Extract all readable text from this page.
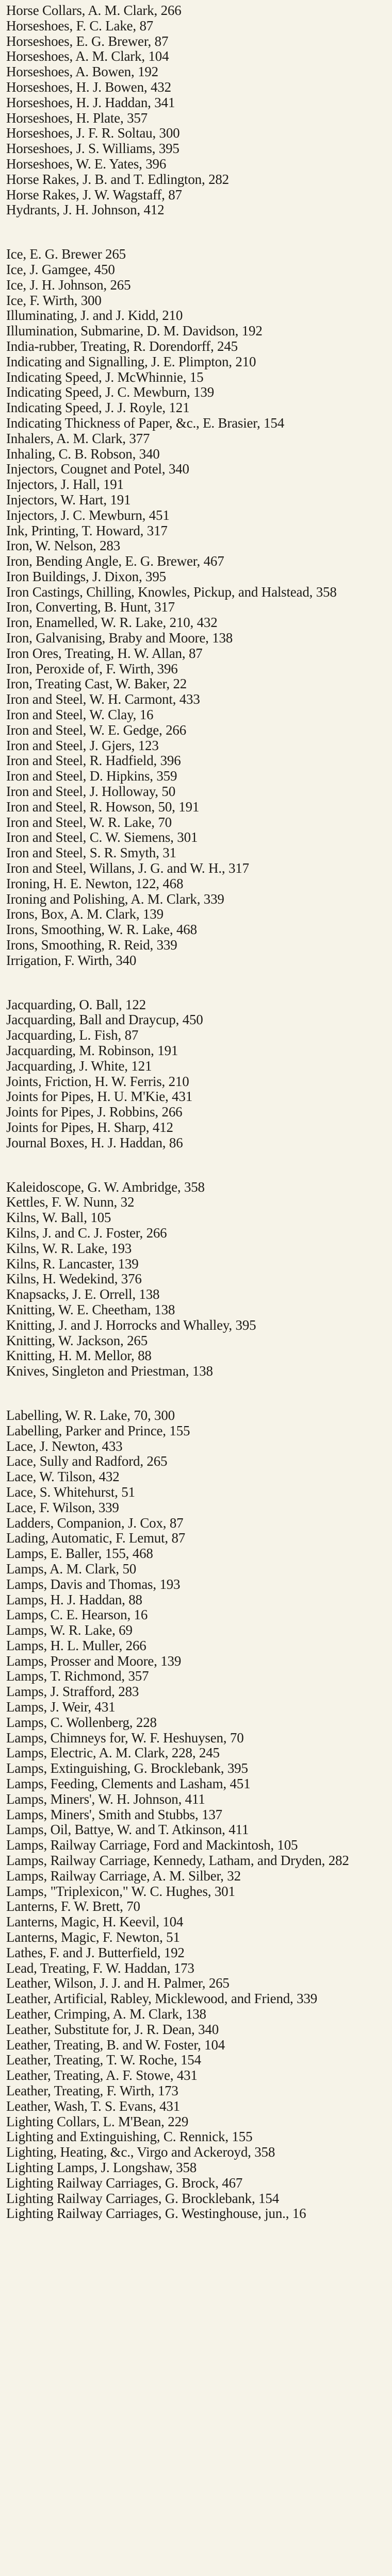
Horse Collars, A. M. Clark, 266
Horseshoes, F. C. Lake, 87
Horseshoes, E. G. Brewer, 87
Horseshoes, A. M. Clark, 104
Horseshoes, A. Bowen, 192
Horseshoes, H. J. Bowen, 432
Horseshoes, H. J. Haddan, 341
Horseshoes, H. Plate, 357
Horseshoes, J. F. R. Soltau, 300
Horseshoes, J. S. Williams, 395
Horseshoes, W. E. Yates, 396
Horse Rakes, J. B. and T. Edlington, 282
Horse Rakes, J. W. Wagstaff, 87
Hydrants, J. H. Johnson, 412
Ice, E. G. Brewer 265
Ice, J. Gamgee, 450
Ice, J. H. Johnson, 265
Ice, F. Wirth, 300
Illuminating, J. and J. Kidd, 210
Illumination, Submarine, D. M. Davidson, 192
India-rubber, Treating, R. Dorendorff, 245
Indicating and Signalling, J. E. Plimpton, 210
Indicating Speed, J. McWhinnie, 15
Indicating Speed, J. C. Mewburn, 139
Indicating Speed, J. J. Royle, 121
Indicating Thickness of Paper, &c., E. Brasier, 154
Inhalers, A. M. Clark, 377
Inhaling, C. B. Robson, 340
Injectors, Cougnet and Potel, 340
Injectors, J. Hall, 191
Injectors, W. Hart, 191
Injectors, J. C. Mewburn, 451
Ink, Printing, T. Howard, 317
Iron, W. Nelson, 283
Iron, Bending Angle, E. G. Brewer, 467
Iron Buildings, J. Dixon, 395
Iron Castings, Chilling, Knowles, Pickup, and Halstead, 358
Iron, Converting, B. Hunt, 317
Iron, Enamelled, W. R. Lake, 210, 432
Iron, Galvanising, Braby and Moore, 138
Iron Ores, Treating, H. W. Allan, 87
Iron, Peroxide of, F. Wirth, 396
Iron, Treating Cast, W. Baker, 22
Iron and Steel, W. H. Carmont, 433
Iron and Steel, W. Clay, 16
Iron and Steel, W. E. Gedge, 266
Iron and Steel, J. Gjers, 123
Iron and Steel, R. Hadfield, 396
Iron and Steel, D. Hipkins, 359
Iron and Steel, J. Holloway, 50
Iron and Steel, R. Howson, 50, 191
Iron and Steel, W. R. Lake, 70
Iron and Steel, C. W. Siemens, 301
Iron and Steel, S. R. Smyth, 31
Iron and Steel, Willans, J. G. and W. H., 317
Ironing, H. E. Newton, 122, 468
Ironing and Polishing, A. M. Clark, 339
Irons, Box, A. M. Clark, 139
Irons, Smoothing, W. R. Lake, 468
Irons, Smoothing, R. Reid, 339
Irrigation, F. Wirth, 340
Jacquarding, O. Ball, 122
Jacquarding, Ball and Draycup, 450
Jacquarding, L. Fish, 87
Jacquarding, M. Robinson, 191
Jacquarding, J. White, 121
Joints, Friction, H. W. Ferris, 210
Joints for Pipes, H. U. M'Kie, 431
Joints for Pipes, J. Robbins, 266
Joints for Pipes, H. Sharp, 412
Journal Boxes, H. J. Haddan, 86
Kaleidoscope, G. W. Ambridge, 358
Kettles, F. W. Nunn, 32
Kilns, W. Ball, 105
Kilns, J. and C. J. Foster, 266
Kilns, W. R. Lake, 193
Kilns, R. Lancaster, 139
Kilns, H. Wedekind, 376
Knapsacks, J. E. Orrell, 138
Knitting, W. E. Cheetham, 138
Knitting, J. and J. Horrocks and Whalley, 395
Knitting, W. Jackson, 265
Knitting, H. M. Mellor, 88
Knives, Singleton and Priestman, 138
Labelling, W. R. Lake, 70, 300
Labelling, Parker and Prince, 155
Lace, J. Newton, 433
Lace, Sully and Radford, 265
Lace, W. Tilson, 432
Lace, S. Whitehurst, 51
Lace, F. Wilson, 339
Ladders, Companion, J. Cox, 87
Lading, Automatic, F. Lemut, 87
Lamps, E. Baller, 155, 468
Lamps, A. M. Clark, 50
Lamps, Davis and Thomas, 193
Lamps, H. J. Haddan, 88
Lamps, C. E. Hearson, 16
Lamps, W. R. Lake, 69
Lamps, H. L. Muller, 266
Lamps, Prosser and Moore, 139
Lamps, T. Richmond, 357
Lamps, J. Strafford, 283
Lamps, J. Weir, 431
Lamps, C. Wollenberg, 228
Lamps, Chimneys for, W. F. Heshuysen, 70
Lamps, Electric, A. M. Clark, 228, 245
Lamps, Extinguishing, G. Brocklebank, 395
Lamps, Feeding, Clements and Lasham, 451
Lamps, Miners', W. H. Johnson, 411
Lamps, Miners', Smith and Stubbs, 137
Lamps, Oil, Battye, W. and T. Atkinson, 411
Lamps, Railway Carriage, Ford and Mackintosh, 105
Lamps, Railway Carriage, Kennedy, Latham, and Dryden, 282
Lamps, Railway Carriage, A. M. Silber, 32
Lamps, "Triplexicon," W. C. Hughes, 301
Lanterns, F. W. Brett, 70
Lanterns, Magic, H. Keevil, 104
Lanterns, Magic, F. Newton, 51
Lathes, F. and J. Butterfield, 192
Lead, Treating, F. W. Haddan, 173
Leather, Wilson, J. J. and H. Palmer, 265
Leather, Artificial, Rabley, Micklewood, and Friend, 339
Leather, Crimping, A. M. Clark, 138
Leather, Substitute for, J. R. Dean, 340
Leather, Treating, B. and W. Foster, 104
Leather, Treating, T. W. Roche, 154
Leather, Treating, A. F. Stowe, 431
Leather, Treating, F. Wirth, 173
Leather, Wash, T. S. Evans, 431
Lighting Collars, L. M'Bean, 229
Lighting and Extinguishing, C. Rennick, 155
Lighting, Heating, &c., Virgo and Ackeroyd, 358
Lighting Lamps, J. Longshaw, 358
Lighting Railway Carriages, G. Brock, 467
Lighting Railway Carriages, G. Brocklebank, 154
Lighting Railway Carriages, G. Westinghouse, jun., 16
